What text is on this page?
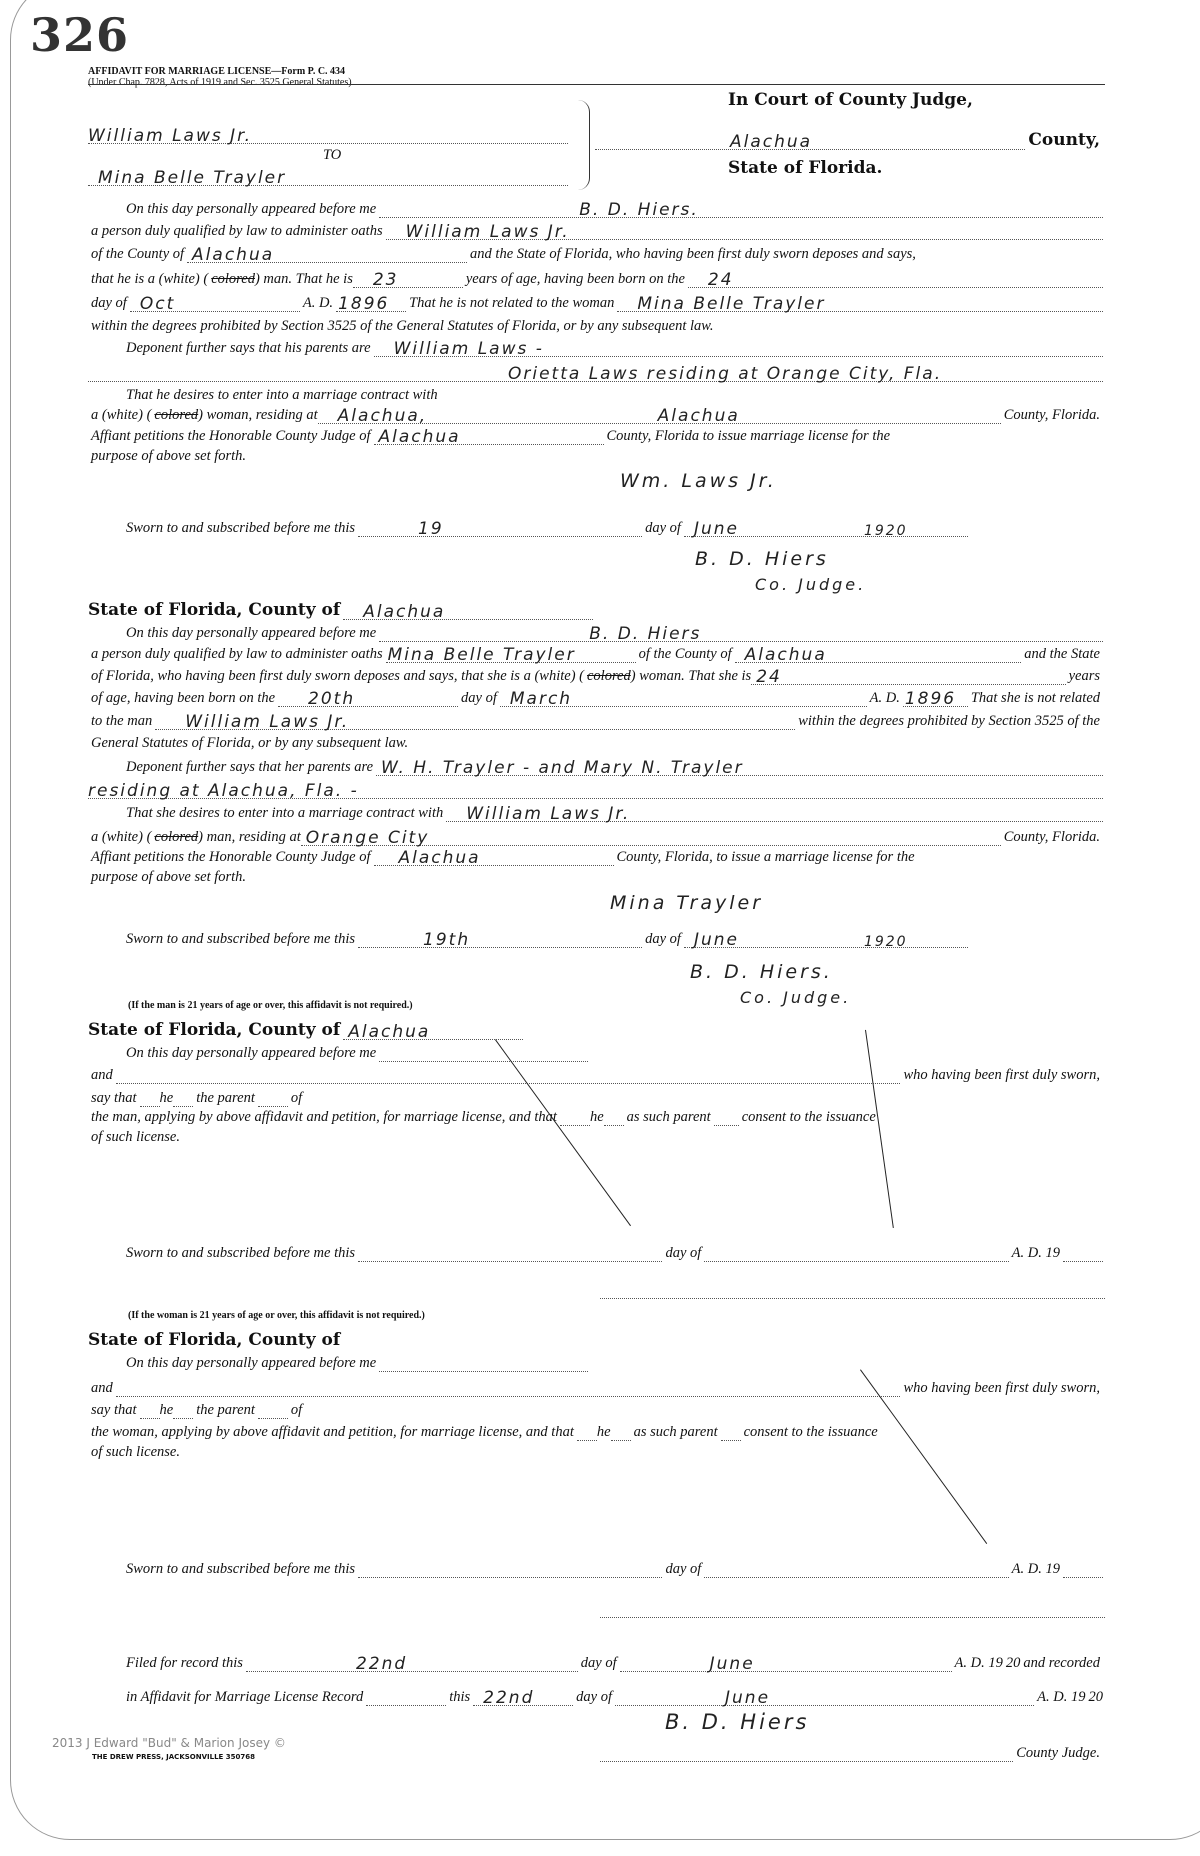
326
AFFIDAVIT FOR MARRIAGE LICENSE—Form P. C. 434
(Under Chap. 7828, Acts of 1919 and Sec. 3525 General Statutes)
In Court of County Judge,
William Laws Jr.
TO
Mina Belle Trayler
Alachua	County,
State of Florida.
On this day personally appeared before me	B. D. Hiers.
a person duly qualified by law to administer oaths William Laws Jr.
of the County of Alachua	and the State of Florida, who having been first duly sworn deposes and says,
that he is a (white) ( colored ) man. That he is 23	years of age, having been born on the 24
day of Oct	A. D. 1896 That he is not related to the woman Mina Belle Trayler
within the degrees prohibited by Section 3525 of the General Statutes of Florida, or by any subsequent law.
Deponent further says that his parents are William Laws -
Orietta Laws residing at Orange City, Fla.
That he desires to enter into a marriage contract with
a (white) ( colored ) woman, residing at Alachua,	Alachua	County, Florida.
Affiant petitions the Honorable County Judge of Alachua	County, Florida to issue marriage license for the
purpose of above set forth.
Wm. Laws Jr.
Sworn to and subscribed before me this	19	day of June	1920
B. D. Hiers
Co. Judge.
State of Florida, County of Alachua
On this day personally appeared before me	B. D. Hiers
a person duly qualified by law to administer oaths Mina Belle Trayler	of the County of Alachua	and the State
of Florida, who having been first duly sworn deposes and says, that she is a (white) ( colored ) woman. That she is 24	years
of age, having been born on the 20th	day of March	A. D. 1896 That she is not related
to the man William Laws Jr.	within the degrees prohibited by Section 3525 of the
General Statutes of Florida, or by any subsequent law.
Deponent further says that her parents are W. H. Trayler - and Mary N. Trayler
residing at Alachua, Fla. -
That she desires to enter into a marriage contract with William Laws Jr.
a (white) ( colored ) man, residing at Orange City	County, Florida.
Affiant petitions the Honorable County Judge of Alachua	County, Florida, to issue a marriage license for the
purpose of above set forth.
Mina Trayler
Sworn to and subscribed before me this	19th	day of June	1920
B. D. Hiers.
Co. Judge.
(If the man is 21 years of age or over, this affidavit is not required.)
State of Florida, County of Alachua
On this day personally appeared before me
and	who having been first duly sworn,
say that he the parent of
the man, applying by above affidavit and petition, for marriage license, and that he as such parent consent to the issuance
of such license.
Sworn to and subscribed before me this	day of	A. D. 19
(If the woman is 21 years of age or over, this affidavit is not required.)
State of Florida, County of
On this day personally appeared before me
and	who having been first duly sworn,
say that he the parent of
the woman, applying by above affidavit and petition, for marriage license, and that he as such parent consent to the issuance
of such license.
Sworn to and subscribed before me this	day of	A. D. 19
Filed for record this	22nd	day of	June	A. D. 19 20 and recorded
in Affidavit for Marriage License Record	this 22nd	day of	June	A. D. 19 20
B. D. Hiers
County Judge.
2013 J Edward "Bud" & Marion Josey ©
THE DREW PRESS, JACKSONVILLE 350768
